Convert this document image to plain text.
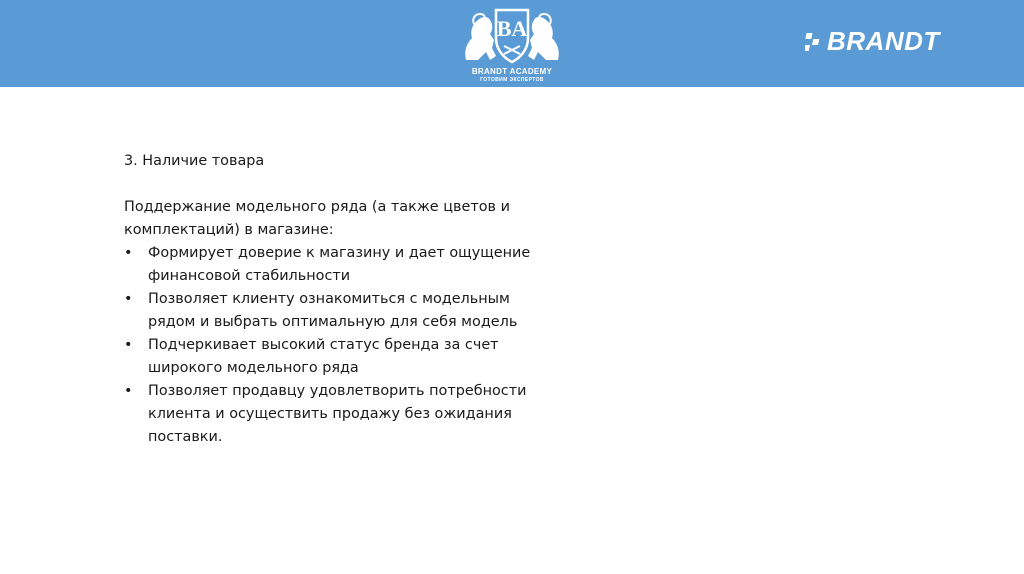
BA
BRANDT ACADEMY
ГОТОВИМ ЭКСПЕРТОВ
BRANDT

3. Наличие товара

Поддержание модельного ряда (а также цветов и комплектаций) в магазине:

• Формирует доверие к магазину и дает ощущение финансовой стабильности
• Позволяет клиенту ознакомиться с модельным рядом и выбрать оптимальную для себя модель
• Подчеркивает высокий статус бренда за счет широкого модельного ряда
• Позволяет продавцу удовлетворить потребности клиента и осуществить продажу без ожидания поставки.
